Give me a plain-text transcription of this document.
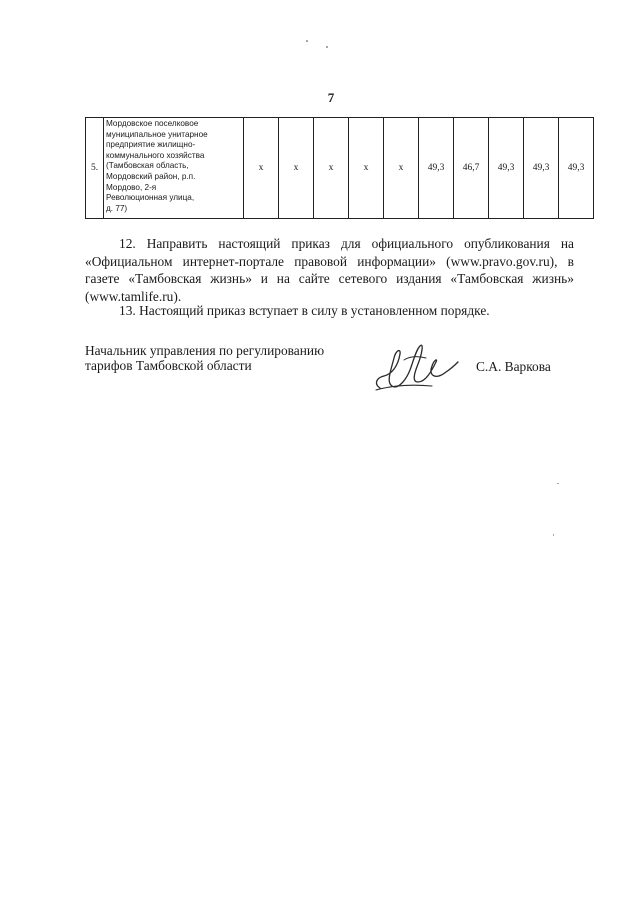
7
5.	Мордовское поселковое
муниципальное унитарное
предприятие жилищно-
коммунального хозяйства
(Тамбовская область,
Мордовский район, р.п.
Мордово, 2-я
Революционная улица,
д. 77)	x	x	x	x	x	49,3	46,7	49,3	49,3	49,3
12. Направить настоящий приказ для официального опубликования на «Официальном интернет-портале правовой информации» (www.pravo.gov.ru), в газете «Тамбовская жизнь» и на сайте сетевого издания «Тамбовская жизнь» (www.tamlife.ru).
13. Настоящий приказ вступает в силу в установленном порядке.
Начальник управления по регулированию
тарифов Тамбовской области	С.А. Варкова
